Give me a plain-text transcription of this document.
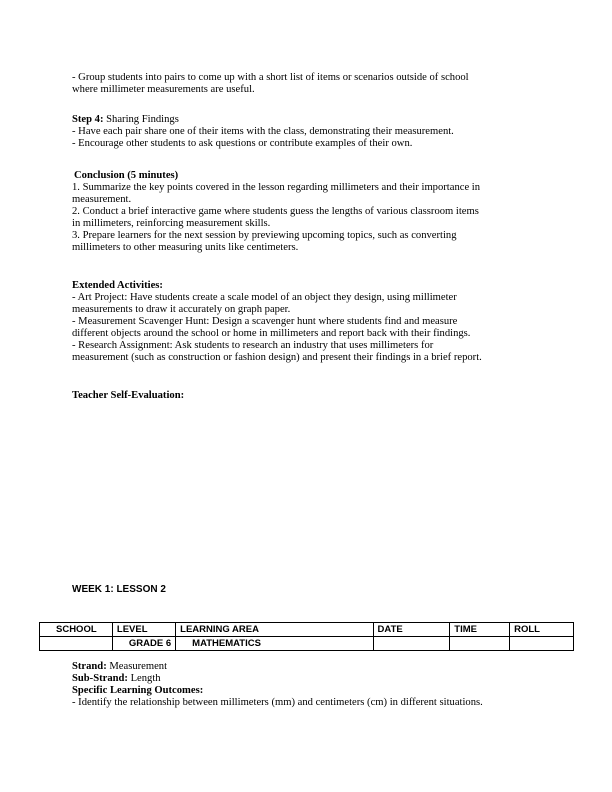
- Group students into pairs to come up with a short list of items or scenarios outside of school

where millimeter measurements are useful.

Step 4: Sharing Findings

- Have each pair share one of their items with the class, demonstrating their measurement.

- Encourage other students to ask questions or contribute examples of their own.

Conclusion (5 minutes)

1. Summarize the key points covered in the lesson regarding millimeters and their importance in

measurement.

2. Conduct a brief interactive game where students guess the lengths of various classroom items

in millimeters, reinforcing measurement skills.

3. Prepare learners for the next session by previewing upcoming topics, such as converting

millimeters to other measuring units like centimeters.

Extended Activities:

- Art Project: Have students create a scale model of an object they design, using millimeter

measurements to draw it accurately on graph paper.

- Measurement Scavenger Hunt: Design a scavenger hunt where students find and measure

different objects around the school or home in millimeters and report back with their findings.

- Research Assignment: Ask students to research an industry that uses millimeters for

measurement (such as construction or fashion design) and present their findings in a brief report.

Teacher Self-Evaluation:

WEEK 1: LESSON 2
SCHOOL	LEVEL	LEARNING AREA	DATE	TIME	ROLL
	GRADE 6	MATHEMATICS			

Strand: Measurement

Sub-Strand: Length

Specific Learning Outcomes:

- Identify the relationship between millimeters (mm) and centimeters (cm) in different situations.
